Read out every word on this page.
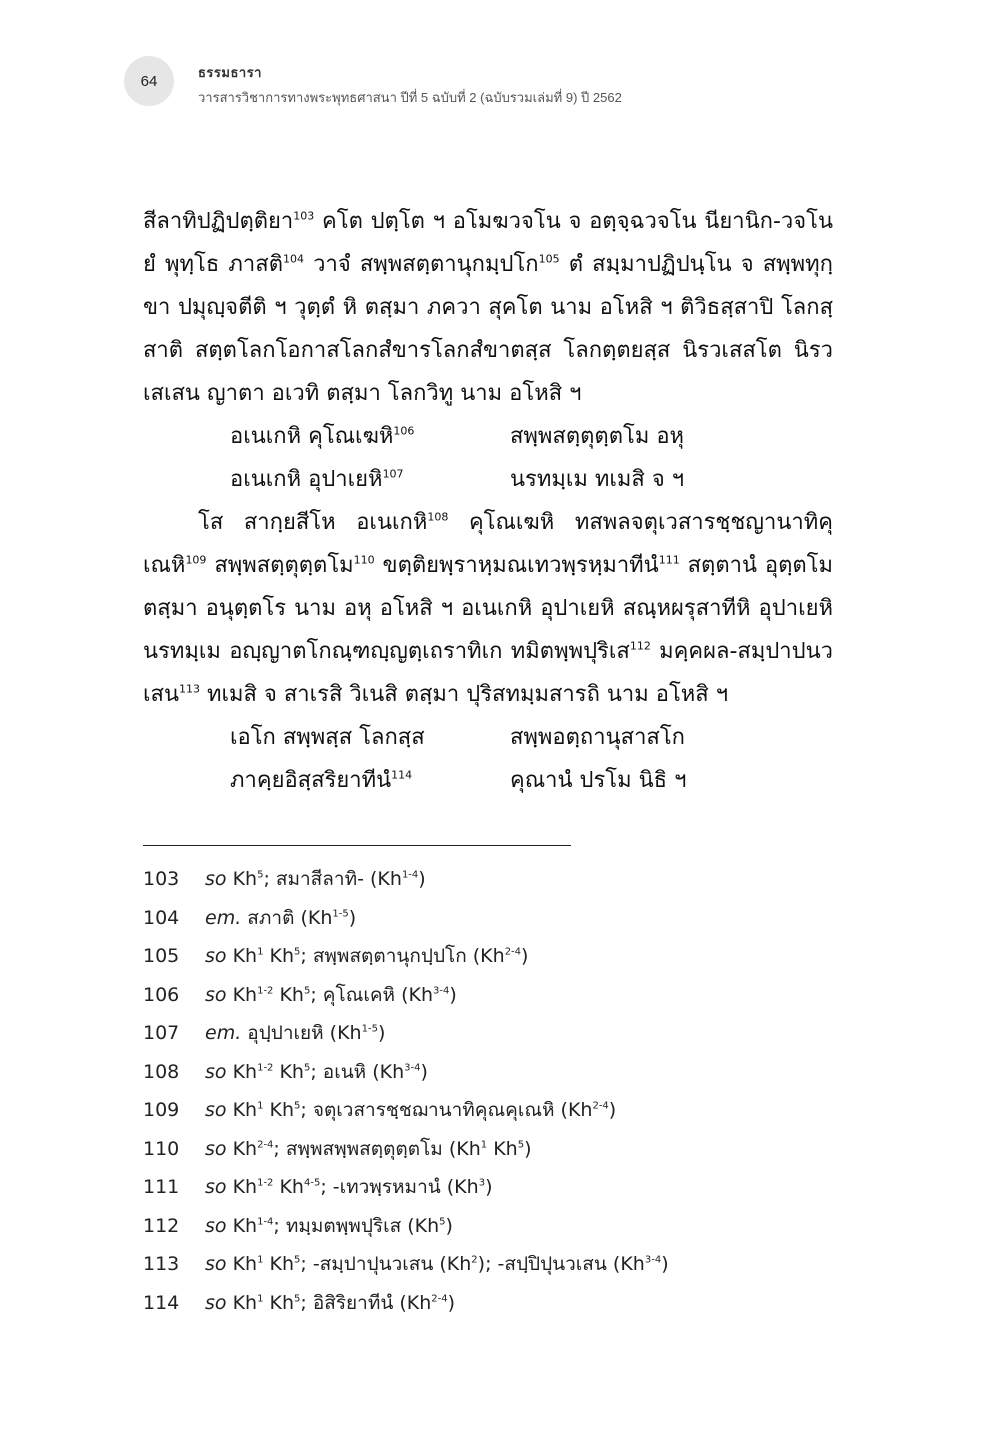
64	ธรรมธารา
วารสารวิชาการทางพระพุทธศาสนา ปีที่ 5 ฉบับที่ 2 (ฉบับรวมเล่มที่ 9) ปี 2562

สีลาทิปฏิปตฺติยา$^{103}$ คโต ปตฺโต ฯ อโมฆวจโน จ อตฺจฺฉวจโน นียานิก-วจโน ยํ พุทฺโธ ภาสติ$^{104}$ วาจํ สพฺพสตฺตานุกมฺปโก$^{105}$ ตํ สมฺมาปฏิปนฺโน จ สพฺพทุกฺขา ปมุญฺจตีติ ฯ วุตฺตํ หิ ตสฺมา ภควา สุคโต นาม อโหสิ ฯ ติวิธสฺสาปิ โลกสฺสาติ สตฺตโลกโอกาสโลกสํขารโลกสํขาตสฺส โลกตฺตยสฺส นิรวเสสโต นิรวเสเสน ญาตา อเวทิ ตสฺมา โลกวิทู นาม อโหสิ ฯ

อเนเกหิ คุโณเฆหิ$^{106}$	สพฺพสตฺตุตฺตโม อหุ
อเนเกหิ อุปาเยหิ$^{107}$	นรทมฺเม ทเมสิ จ ฯ

โส สากฺยสีโห อเนเกหิ$^{108}$ คุโณเฆหิ ทสพลจตุเวสารชฺชญานาทิคุเณหิ$^{109}$ สพฺพสตฺตุตฺตโม$^{110}$ ขตฺติยพฺราหฺมณเทวพฺรหฺมาทีนํ$^{111}$ สตฺตานํ อุตฺตโม ตสฺมา อนุตฺตโร นาม อหุ อโหสิ ฯ อเนเกหิ อุปาเยหิ สณฺหผรุสาทีหิ อุปาเยหิ นรทมฺเม อญฺญาตโกณฺฑญฺญตฺเถราทิเก ทมิตพฺพปุริเส$^{112}$ มคฺคผล-สมฺปาปนวเสน$^{113}$ ทเมสิ จ สาเรสิ วิเนสิ ตสฺมา ปุริสทมฺมสารถิ นาม อโหสิ ฯ

เอโก สพฺพสฺส โลกสฺส	สพฺพอตฺถานุสาสโก
ภาคฺยอิสฺสริยาทีนํ$^{114}$	คุณานํ ปรโม นิธิ ฯ
103 so Kh$^5$; สมาสีลาทิ- (Kh$^{1-4}$)
104 em. สภาติ (Kh$^{1-5}$)
105 so Kh$^1$ Kh$^5$; สพฺพสตฺตานุกปฺปโก (Kh$^{2-4}$)
106 so Kh$^{1-2}$ Kh$^5$; คุโณเคหิ (Kh$^{3-4}$)
107 em. อุปฺปาเยหิ (Kh$^{1-5}$)
108 so Kh$^{1-2}$ Kh$^5$; อเนหิ (Kh$^{3-4}$)
109 so Kh$^1$ Kh$^5$; จตุเวสารชฺชฌานาทิคุณคุเณหิ (Kh$^{2-4}$)
110 so Kh$^{2-4}$; สพฺพสพฺพสตฺตุตฺตโม (Kh$^1$ Kh$^5$)
111 so Kh$^{1-2}$ Kh$^{4-5}$; -เทวพฺรหมานํ (Kh$^3$)
112 so Kh$^{1-4}$; ทมฺมตพฺพปุริเส (Kh$^5$)
113 so Kh$^1$ Kh$^5$; -สมฺปาปุนวเสน (Kh$^2$); -สปฺปิปุนวเสน (Kh$^{3-4}$)
114 so Kh$^1$ Kh$^5$; อิสิริยาทีนํ (Kh$^{2-4}$)
